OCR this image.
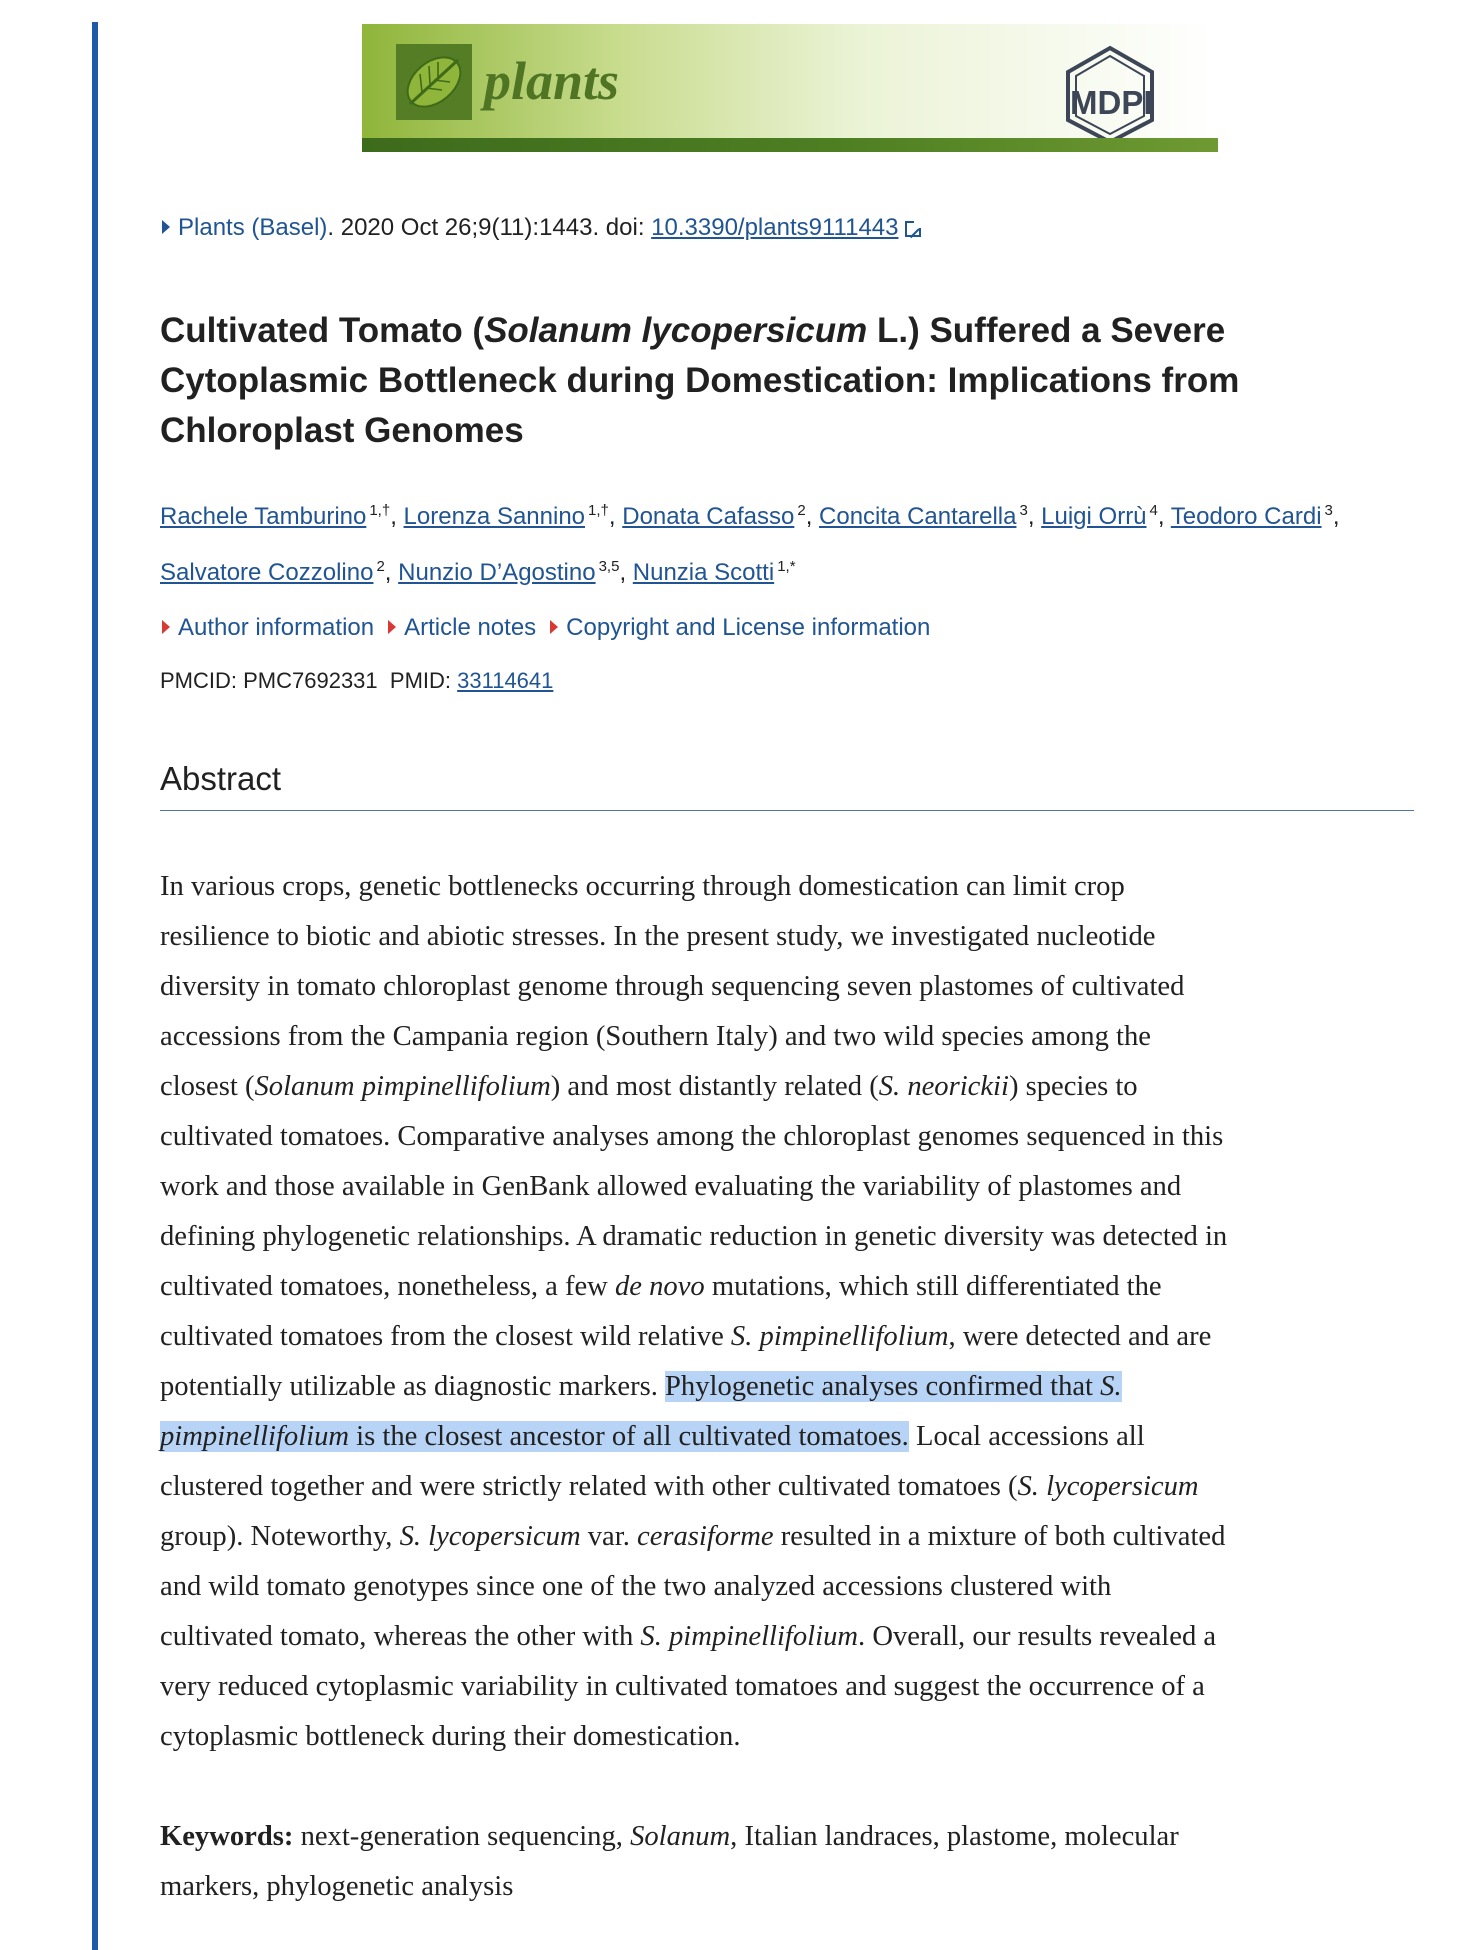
plants	MDPI
Plants (Basel). 2020 Oct 26;9(11):1443. doi: 10.3390/plants9111443
Cultivated Tomato (Solanum lycopersicum L.) Suffered a Severe Cytoplasmic Bottleneck during Domestication: Implications from Chloroplast Genomes
Rachele Tamburino $^{1,\dagger}$, Lorenza Sannino $^{1,\dagger}$, Donata Cafasso $^2$, Concita Cantarella $^3$, Luigi Orrù $^4$, Teodoro Cardi $^3$,
Salvatore Cozzolino $^2$, Nunzio D’Agostino $^{3,5}$, Nunzia Scotti $^{1,*}$
Author information Article notes Copyright and License information
PMCID: PMC7692331 PMID: 33114641
Abstract
In various crops, genetic bottlenecks occurring through domestication can limit crop
resilience to biotic and abiotic stresses. In the present study, we investigated nucleotide
diversity in tomato chloroplast genome through sequencing seven plastomes of cultivated
accessions from the Campania region (Southern Italy) and two wild species among the
closest (Solanum pimpinellifolium) and most distantly related (S. neorickii) species to
cultivated tomatoes. Comparative analyses among the chloroplast genomes sequenced in this
work and those available in GenBank allowed evaluating the variability of plastomes and
defining phylogenetic relationships. A dramatic reduction in genetic diversity was detected in
cultivated tomatoes, nonetheless, a few de novo mutations, which still differentiated the
cultivated tomatoes from the closest wild relative S. pimpinellifolium, were detected and are
potentially utilizable as diagnostic markers. Phylogenetic analyses confirmed that S.
pimpinellifolium is the closest ancestor of all cultivated tomatoes. Local accessions all
clustered together and were strictly related with other cultivated tomatoes (S. lycopersicum
group). Noteworthy, S. lycopersicum var. cerasiforme resulted in a mixture of both cultivated
and wild tomato genotypes since one of the two analyzed accessions clustered with
cultivated tomato, whereas the other with S. pimpinellifolium. Overall, our results revealed a
very reduced cytoplasmic variability in cultivated tomatoes and suggest the occurrence of a
cytoplasmic bottleneck during their domestication.
Keywords: next-generation sequencing, Solanum, Italian landraces, plastome, molecular
markers, phylogenetic analysis
